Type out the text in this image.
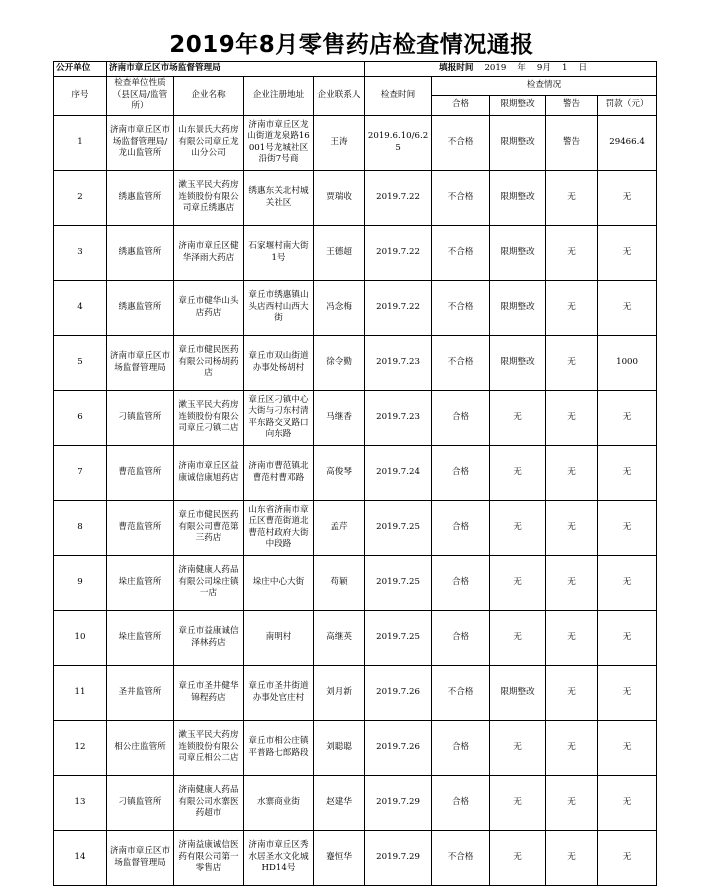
2019年8月零售药店检查情况通报
公开单位	济南市章丘区市场监督管理局				填报时间 2019 年 9月 1 日				
序号	检查单位性质（县区局/监管所）	企业名称	企业注册地址	企业联系人	检查时间	检查情况			
						合格	限期整改	警告	罚款（元）
1	济南市章丘区市场监督管理局/龙山监管所	山东景氏大药房有限公司章丘龙山分公司	济南市章丘区龙山街道龙泉路16001号龙城社区沿街7号商	王涛	2019.6.10/6.25	不合格	限期整改	警告	29466.4
2	绣惠监管所	漱玉平民大药房连锁股份有限公司章丘绣惠店	绣惠东关北村城关社区	贾瑞收	2019.7.22	不合格	限期整改	无	无
3	绣惠监管所	济南市章丘区健华泽雨大药店	石家堰村南大街1号	王德超	2019.7.22	不合格	限期整改	无	无
4	绣惠监管所	章丘市健华山头店药店	章丘市绣惠镇山头店西村山西大街	冯念梅	2019.7.22	不合格	限期整改	无	无
5	济南市章丘区市场监督管理局	章丘市健民医药有限公司杨胡药店	章丘市双山街道办事处杨胡村	徐令勤	2019.7.23	不合格	限期整改	无	1000
6	刁镇监管所	漱玉平民大药房连锁股份有限公司章丘刁镇二店	章丘区刁镇中心大街与刁东村清平东路交叉路口向东路	马继香	2019.7.23	合格	无	无	无
7	曹范监管所	济南市章丘区益康诚信康旭药店	济南市曹范镇北曹范村曹邓路	高俊琴	2019.7.24	合格	无	无	无
8	曹范监管所	章丘市健民医药有限公司曹范第三药店	山东省济南市章丘区曹范街道北曹范村政府大街中段路	孟芹	2019.7.25	合格	无	无	无
9	垛庄监管所	济南健康人药品有限公司垛庄镇一店	垛庄中心大街	苟颖	2019.7.25	合格	无	无	无
10	垛庄监管所	章丘市益康诚信泽林药店	南明村	高继英	2019.7.25	合格	无	无	无
11	圣井监管所	章丘市圣井健华锦程药店	章丘市圣井街道办事处官庄村	刘月新	2019.7.26	不合格	限期整改	无	无
12	相公庄监管所	漱玉平民大药房连锁股份有限公司章丘相公二店	章丘市相公庄镇平普路七郎路段	刘聪聪	2019.7.26	合格	无	无	无
13	刁镇监管所	济南健康人药品有限公司水寨医药超市	水寨商业街	赵建华	2019.7.29	合格	无	无	无
14	济南市章丘区市场监督管理局	济南益康诚信医药有限公司第一零售店	济南市章丘区秀水居圣水文化城HD14号	蹇恒华	2019.7.29	不合格	无	无	无
